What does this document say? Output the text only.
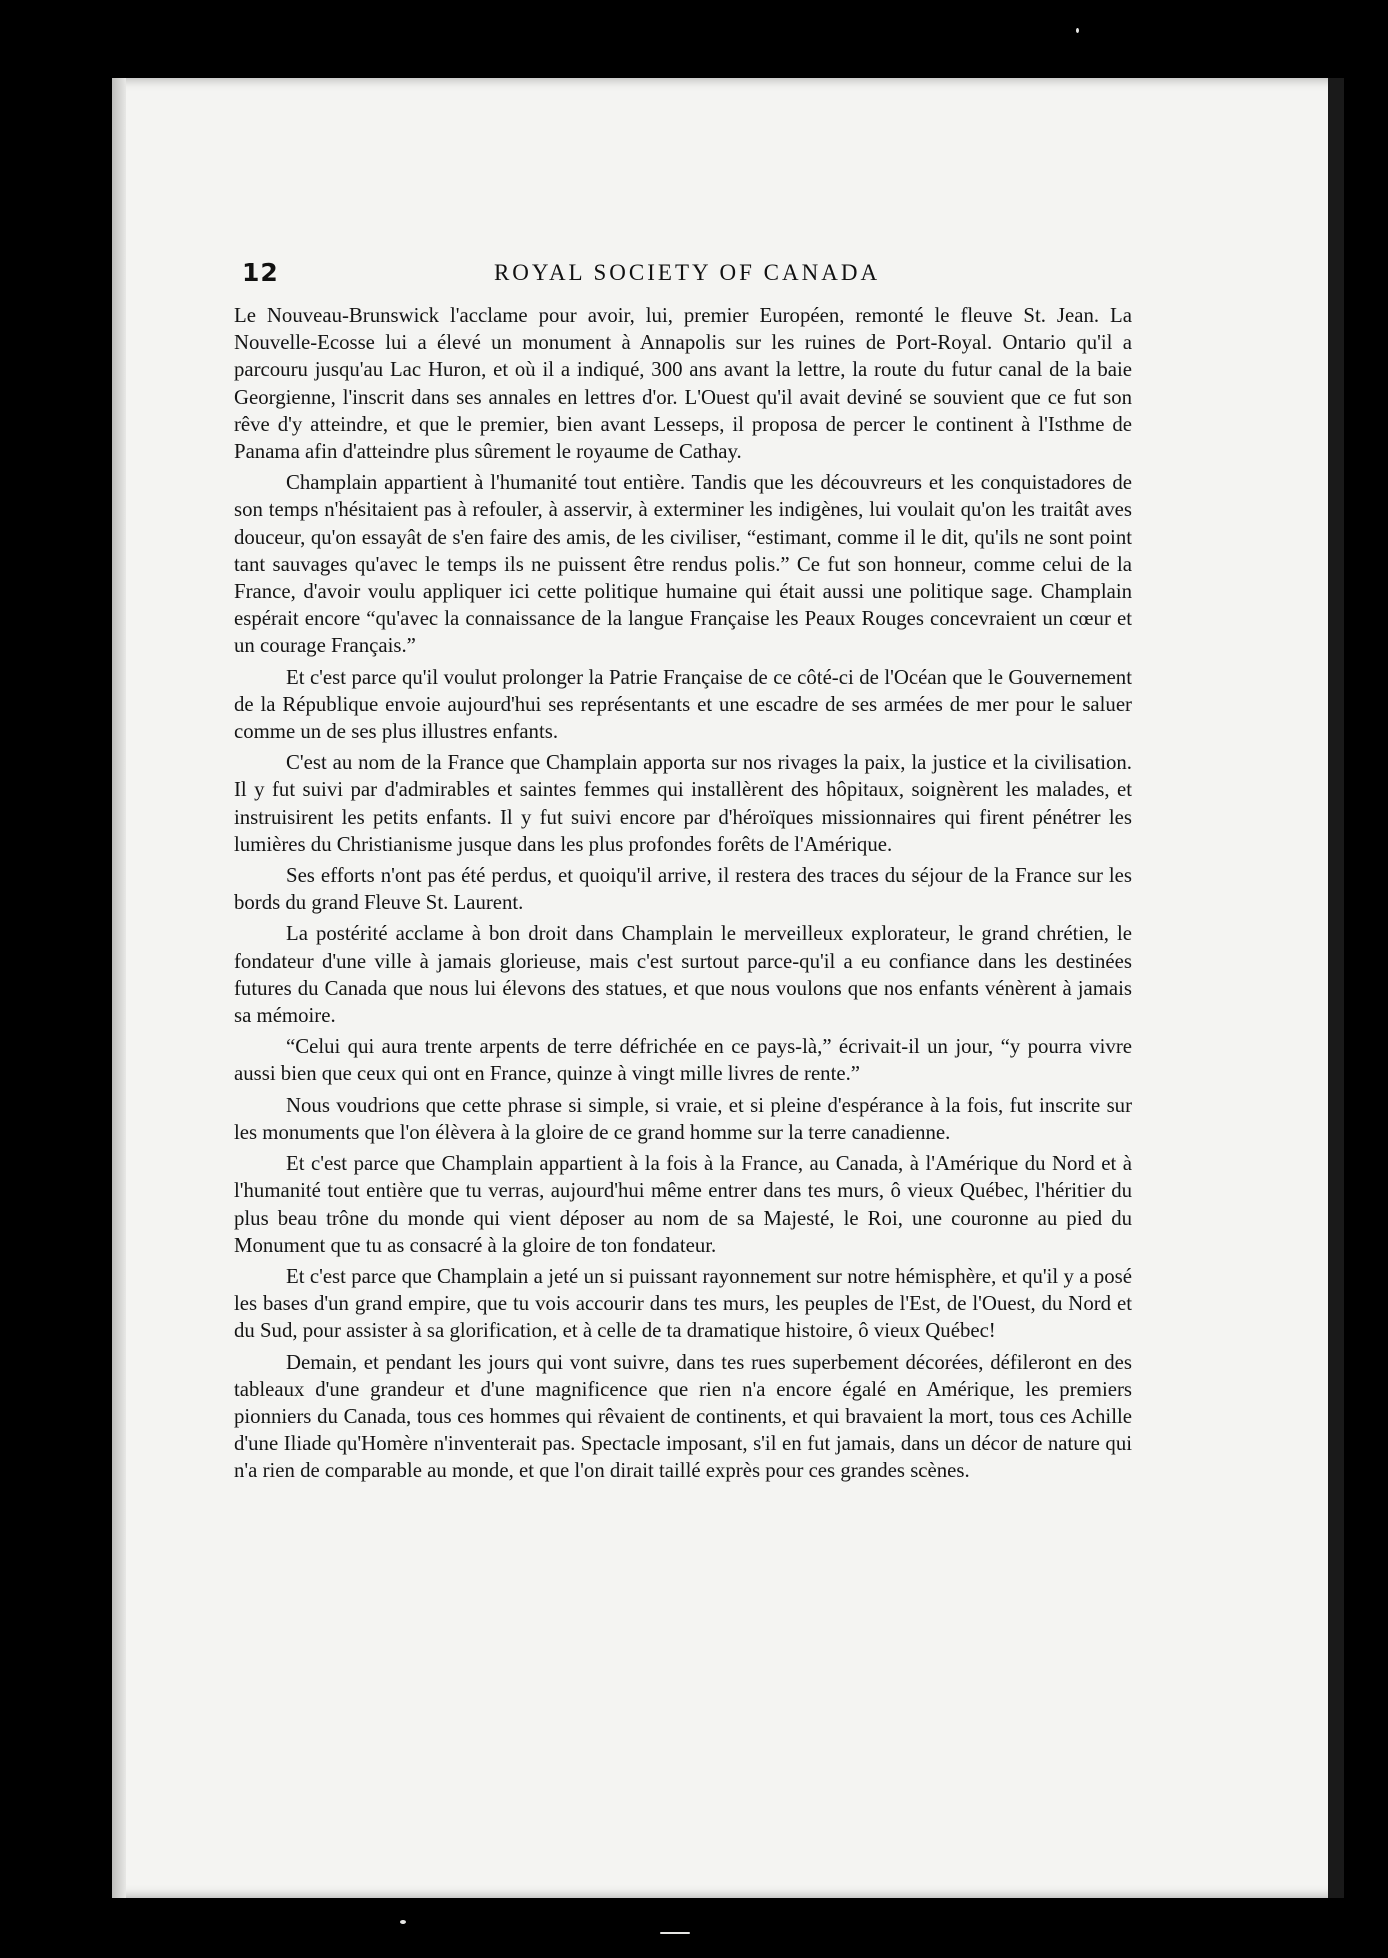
12	ROYAL SOCIETY OF CANADA

Le Nouveau-Brunswick l'acclame pour avoir, lui, premier Européen, remonté le fleuve St. Jean. La Nouvelle-Ecosse lui a élevé un monument à Annapolis sur les ruines de Port-Royal. Ontario qu'il a parcouru jusqu'au Lac Huron, et où il a indiqué, 300 ans avant la lettre, la route du futur canal de la baie Georgienne, l'inscrit dans ses annales en lettres d'or. L'Ouest qu'il avait deviné se souvient que ce fut son rêve d'y atteindre, et que le premier, bien avant Lesseps, il proposa de percer le continent à l'Isthme de Panama afin d'atteindre plus sûrement le royaume de Cathay.

Champlain appartient à l'humanité tout entière. Tandis que les découvreurs et les conquistadores de son temps n'hésitaient pas à refouler, à asservir, à exterminer les indigènes, lui voulait qu'on les traitât aves douceur, qu'on essayât de s'en faire des amis, de les civiliser, “estimant, comme il le dit, qu'ils ne sont point tant sauvages qu'avec le temps ils ne puissent être rendus polis.” Ce fut son honneur, comme celui de la France, d'avoir voulu appliquer ici cette politique humaine qui était aussi une politique sage. Champlain espérait encore “qu'avec la connaissance de la langue Française les Peaux Rouges concevraient un cœur et un courage Français.”

Et c'est parce qu'il voulut prolonger la Patrie Française de ce côté-ci de l'Océan que le Gouvernement de la République envoie aujourd'hui ses représentants et une escadre de ses armées de mer pour le saluer comme un de ses plus illustres enfants.

C'est au nom de la France que Champlain apporta sur nos rivages la paix, la justice et la civilisation. Il y fut suivi par d'admirables et saintes femmes qui installèrent des hôpitaux, soignèrent les malades, et instruisirent les petits enfants. Il y fut suivi encore par d'héroïques missionnaires qui firent pénétrer les lumières du Christianisme jusque dans les plus profondes forêts de l'Amérique.

Ses efforts n'ont pas été perdus, et quoiqu'il arrive, il restera des traces du séjour de la France sur les bords du grand Fleuve St. Laurent.

La postérité acclame à bon droit dans Champlain le merveilleux explorateur, le grand chrétien, le fondateur d'une ville à jamais glorieuse, mais c'est surtout parce-qu'il a eu confiance dans les destinées futures du Canada que nous lui élevons des statues, et que nous voulons que nos enfants vénèrent à jamais sa mémoire.

“Celui qui aura trente arpents de terre défrichée en ce pays-là,” écrivait-il un jour, “y pourra vivre aussi bien que ceux qui ont en France, quinze à vingt mille livres de rente.”

Nous voudrions que cette phrase si simple, si vraie, et si pleine d'espérance à la fois, fut inscrite sur les monuments que l'on élèvera à la gloire de ce grand homme sur la terre canadienne.

Et c'est parce que Champlain appartient à la fois à la France, au Canada, à l'Amérique du Nord et à l'humanité tout entière que tu verras, aujourd'hui même entrer dans tes murs, ô vieux Québec, l'héritier du plus beau trône du monde qui vient déposer au nom de sa Majesté, le Roi, une couronne au pied du Monument que tu as consacré à la gloire de ton fondateur.

Et c'est parce que Champlain a jeté un si puissant rayonnement sur notre hémisphère, et qu'il y a posé les bases d'un grand empire, que tu vois accourir dans tes murs, les peuples de l'Est, de l'Ouest, du Nord et du Sud, pour assister à sa glorification, et à celle de ta dramatique histoire, ô vieux Québec!

Demain, et pendant les jours qui vont suivre, dans tes rues superbement décorées, défileront en des tableaux d'une grandeur et d'une magnificence que rien n'a encore égalé en Amérique, les premiers pionniers du Canada, tous ces hommes qui rêvaient de continents, et qui bravaient la mort, tous ces Achille d'une Iliade qu'Homère n'inventerait pas. Spectacle imposant, s'il en fut jamais, dans un décor de nature qui n'a rien de comparable au monde, et que l'on dirait taillé exprès pour ces grandes scènes.
